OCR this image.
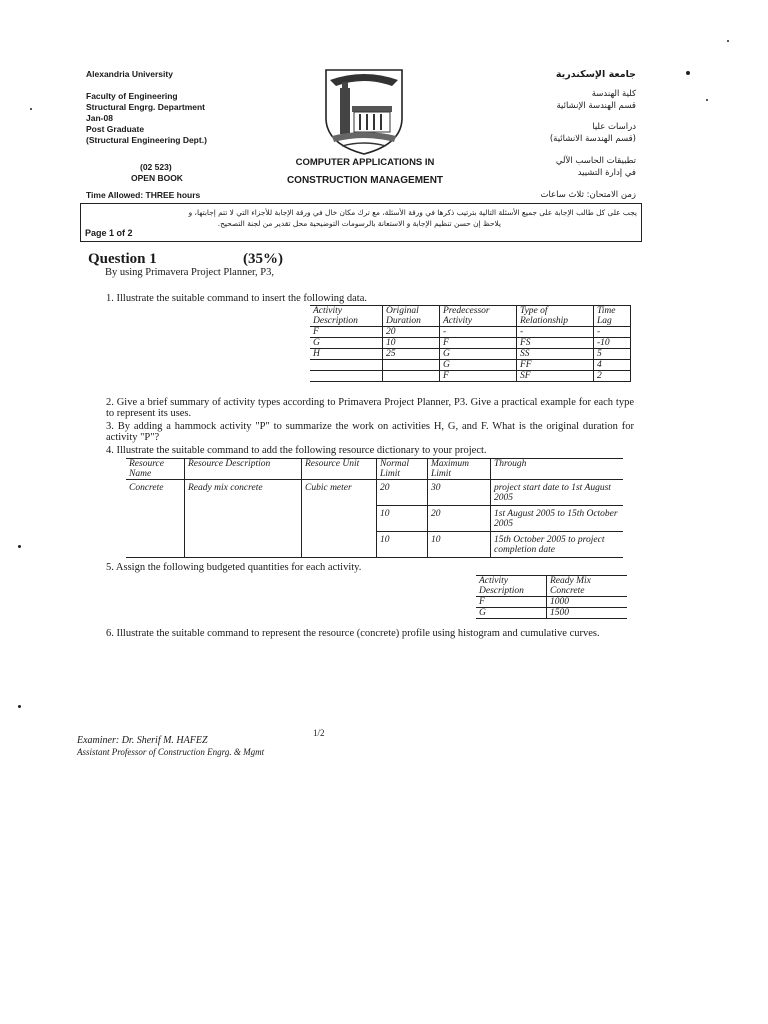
Alexandria University
Faculty of Engineering
Structural Engrg. Department
Jan-08
Post Graduate
(Structural Engineering Dept.)
(02 523)
OPEN BOOK
Time Allowed: THREE hours
COMPUTER APPLICATIONS IN
CONSTRUCTION MANAGEMENT
جامعة الإسكندرية
كلية الهندسة
قسم الهندسة الإنشائية
دراسات عليا
(قسم الهندسة الانشائية)
تطبيقات الحاسب الآلي
في إدارة التشييد
زمن الامتحان: ثلاث ساعات
يجب على كل طالب الإجابة على جميع الأسئلة التالية بترتيب ذكرها في ورقة الأسئلة، مع ترك مكان خال في ورقة الإجابة للأجزاء التي لا تتم إجابتها، و
يلاحظ إن حسن تنظيم الإجابة و الاستعانة بالرسومات التوضيحية محل تقدير من لجنة التصحيح.
Page 1 of 2
Question 1	(35%)
By using Primavera Project Planner, P3,
1. Illustrate the suitable command to insert the following data.
Activity Description	Original Duration	Predecessor Activity	Type of Relationship	Time Lag
F	20	-	-	-
G	10	F	FS	-10
H	25	G	SS	5
		G	FF	4
		F	SF	2
2. Give a brief summary of activity types according to Primavera Project Planner, P3. Give a practical example for each type to represent its uses.
3. By adding a hammock activity "P" to summarize the work on activities H, G, and F. What is the original duration for activity "P"?
4. Illustrate the suitable command to add the following resource dictionary to your project.
Resource Name	Resource Description	Resource Unit	Normal Limit	Maximum Limit	Through
Concrete	Ready mix concrete	Cubic meter	20	30	project start date to 1st August 2005
			10	20	1st August 2005 to 15th October 2005
			10	10	15th October 2005 to project completion date
5. Assign the following budgeted quantities for each activity.
Activity Description	Ready Mix Concrete
F	1000
G	1500
6. Illustrate the suitable command to represent the resource (concrete) profile using histogram and cumulative curves.
1/2
Examiner: Dr. Sherif M. HAFEZ
Assistant Professor of Construction Engrg. & Mgmt
